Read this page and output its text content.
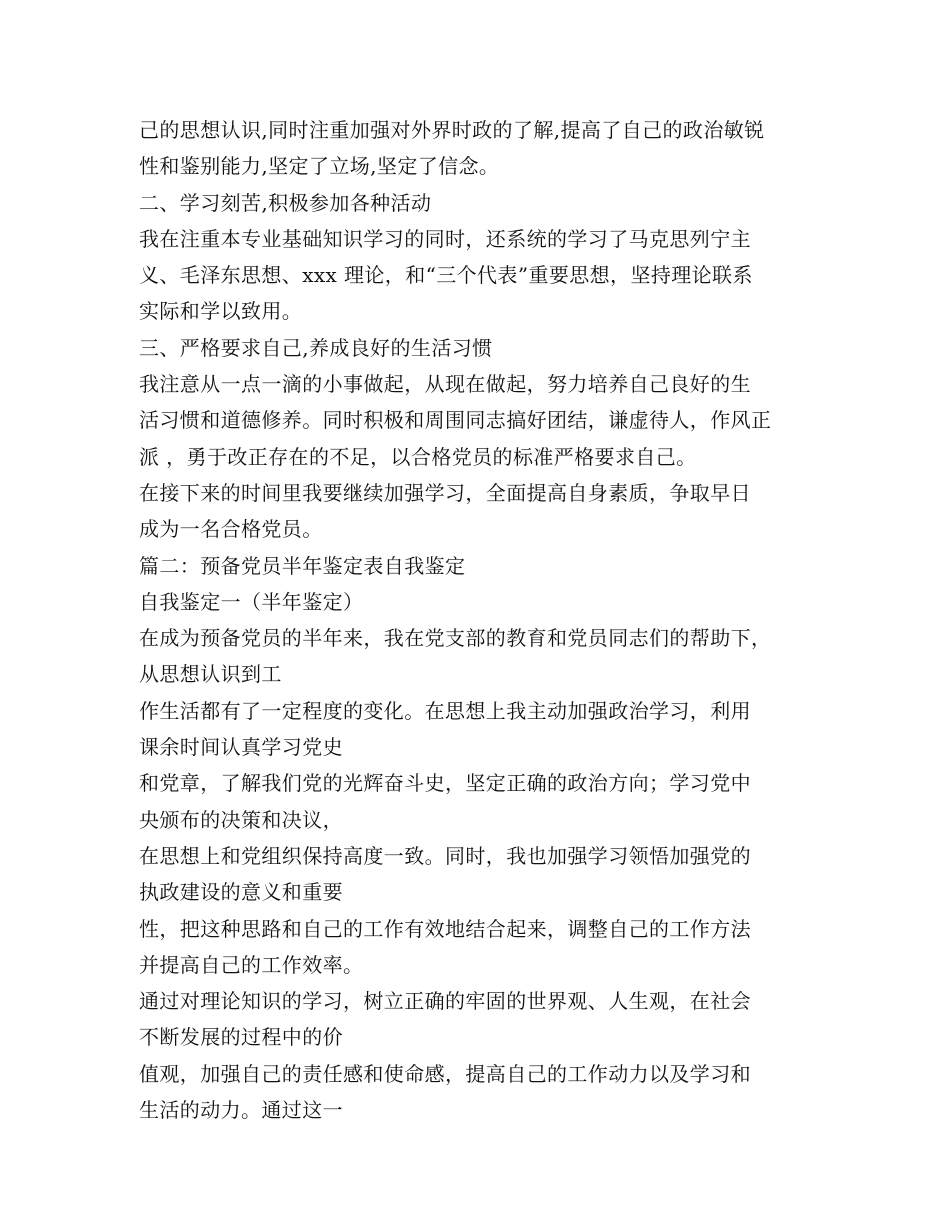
己的思想认识,同时注重加强对外界时政的了解,提高了自己的政治敏锐
性和鉴别能力,坚定了立场,坚定了信念。
二、学习刻苦,积极参加各种活动
我在注重本专业基础知识学习的同时，还系统的学习了马克思列宁主
义、毛泽东思想、xxx 理论，和“三个代表”重要思想，坚持理论联系
实际和学以致用。
三、严格要求自己,养成良好的生活习惯
我注意从一点一滴的小事做起，从现在做起，努力培养自己良好的生
活习惯和道德修养。同时积极和周围同志搞好团结，谦虚待人，作风正
派 ，勇于改正存在的不足，以合格党员的标准严格要求自己。
在接下来的时间里我要继续加强学习，全面提高自身素质，争取早日
成为一名合格党员。
篇二：预备党员半年鉴定表自我鉴定
自我鉴定一（半年鉴定）
在成为预备党员的半年来，我在党支部的教育和党员同志们的帮助下，
从思想认识到工
作生活都有了一定程度的变化。在思想上我主动加强政治学习，利用
课余时间认真学习党史
和党章，了解我们党的光辉奋斗史，坚定正确的政治方向；学习党中
央颁布的决策和决议，
在思想上和党组织保持高度一致。同时，我也加强学习领悟加强党的
执政建设的意义和重要
性，把这种思路和自己的工作有效地结合起来，调整自己的工作方法
并提高自己的工作效率。
通过对理论知识的学习，树立正确的牢固的世界观、人生观，在社会
不断发展的过程中的价
值观，加强自己的责任感和使命感，提高自己的工作动力以及学习和
生活的动力。通过这一
